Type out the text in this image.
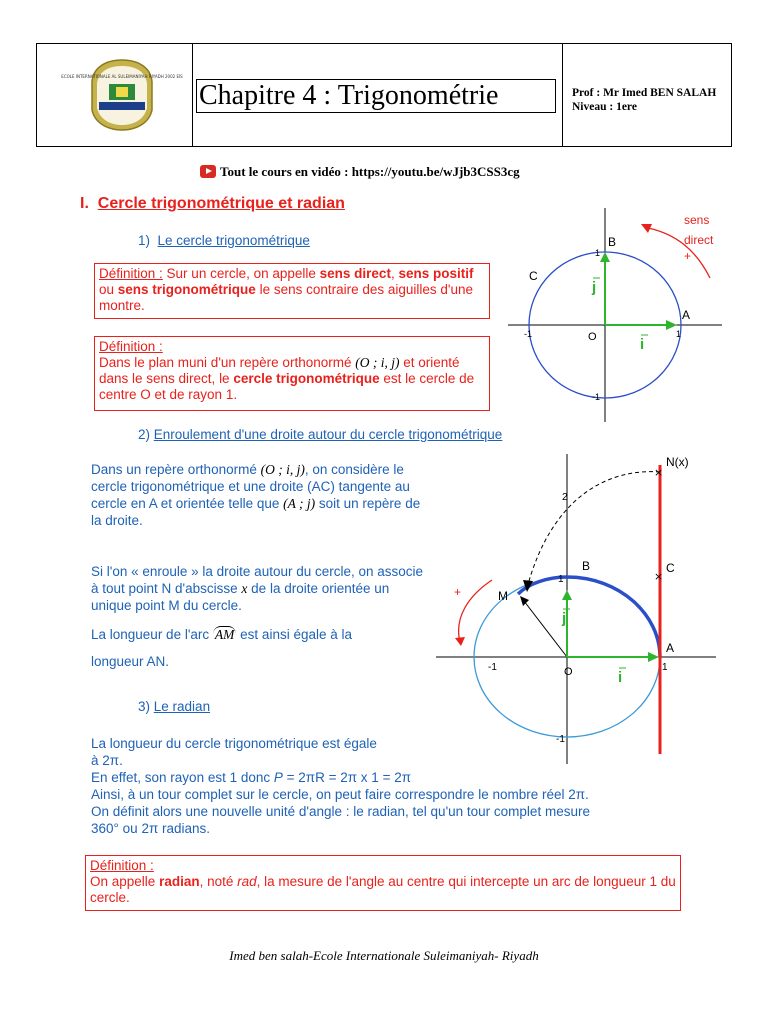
ECOLE INTERNATIONALE AL SULEIMANIYAH RIYADH 2002 EIS
Chapitre 4 : Trigonométrie	Prof : Mr Imed BEN SALAH
Niveau : 1ere
Tout le cours en vidéo : https://youtu.be/wJjb3CSS3cg
I. Cercle trigonométrique et radian
1) Le cercle trigonométrique
Définition : Sur un cercle, on appelle sens direct, sens positif ou sens trigonométrique le sens contraire des aiguilles d'une montre.
Définition :
Dans le plan muni d'un repère orthonormé (O ; i, j) et orienté dans le sens direct, le cercle trigonométrique est le cercle de centre O et de rayon 1.
sens
direct
+
B
1
C
A
-1	1
O
-1
j
i
2) Enroulement d'une droite autour du cercle trigonométrique
Dans un repère orthonormé (O ; i, j), on considère le cercle trigonométrique et une droite (AC) tangente au cercle en A et orientée telle que (A ; j) soit un repère de la droite.
Si l'on « enroule » la droite autour du cercle, on associe à tout point N d'abscisse x de la droite orientée un unique point M du cercle.
La longueur de l'arc AM est ainsi égale à la
longueur AN.
+
×
N(x)
2
B
1	×
C
M
A
O
-1	1
-1
j
i
3) Le radian
La longueur du cercle trigonométrique est égale
à 2π.
En effet, son rayon est 1 donc P = 2πR = 2π x 1 = 2π
Ainsi, à un tour complet sur le cercle, on peut faire correspondre le nombre réel 2π.
On définit alors une nouvelle unité d'angle : le radian, tel qu'un tour complet mesure
360° ou 2π radians.
Définition :
On appelle radian, noté rad, la mesure de l'angle au centre qui intercepte un arc de longueur 1 du cercle.
Imed ben salah-Ecole Internationale Suleimaniyah- Riyadh
